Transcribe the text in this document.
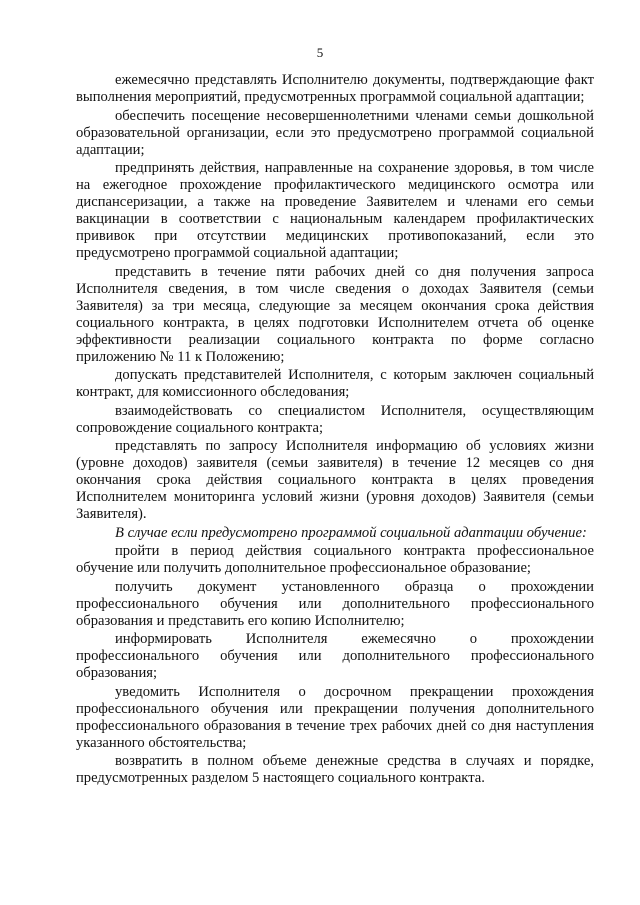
5

ежемесячно представлять Исполнителю документы, подтверждающие факт выполнения мероприятий, предусмотренных программой социальной адаптации;

обеспечить посещение несовершеннолетними членами семьи дошкольной образовательной организации, если это предусмотрено программой социальной адаптации;

предпринять действия, направленные на сохранение здоровья, в том числе на ежегодное прохождение профилактического медицинского осмотра или диспансеризации, а также на проведение Заявителем и членами его семьи вакцинации в соответствии с национальным календарем профилактических прививок при отсутствии медицинских противопоказаний, если это предусмотрено программой социальной адаптации;

представить в течение пяти рабочих дней со дня получения запроса Исполнителя сведения, в том числе сведения о доходах Заявителя (семьи Заявителя) за три месяца, следующие за месяцем окончания срока действия социального контракта, в целях подготовки Исполнителем отчета об оценке эффективности реализации социального контракта по форме согласно приложению № 11 к Положению;

допускать представителей Исполнителя, с которым заключен социальный контракт, для комиссионного обследования;

взаимодействовать со специалистом Исполнителя, осуществляющим сопровождение социального контракта;

представлять по запросу Исполнителя информацию об условиях жизни (уровне доходов) заявителя (семьи заявителя) в течение 12 месяцев со дня окончания срока действия социального контракта в целях проведения Исполнителем мониторинга условий жизни (уровня доходов) Заявителя (семьи Заявителя).

В случае если предусмотрено программой социальной адаптации обучение:

пройти в период действия социального контракта профессиональное обучение или получить дополнительное профессиональное образование;

получить документ установленного образца о прохождении профессионального обучения или дополнительного профессионального образования и представить его копию Исполнителю;

информировать Исполнителя ежемесячно о прохождении профессионального обучения или дополнительного профессионального образования;

уведомить Исполнителя о досрочном прекращении прохождения профессионального обучения или прекращении получения дополнительного профессионального образования в течение трех рабочих дней со дня наступления указанного обстоятельства;

возвратить в полном объеме денежные средства в случаях и порядке, предусмотренных разделом 5 настоящего социального контракта.
